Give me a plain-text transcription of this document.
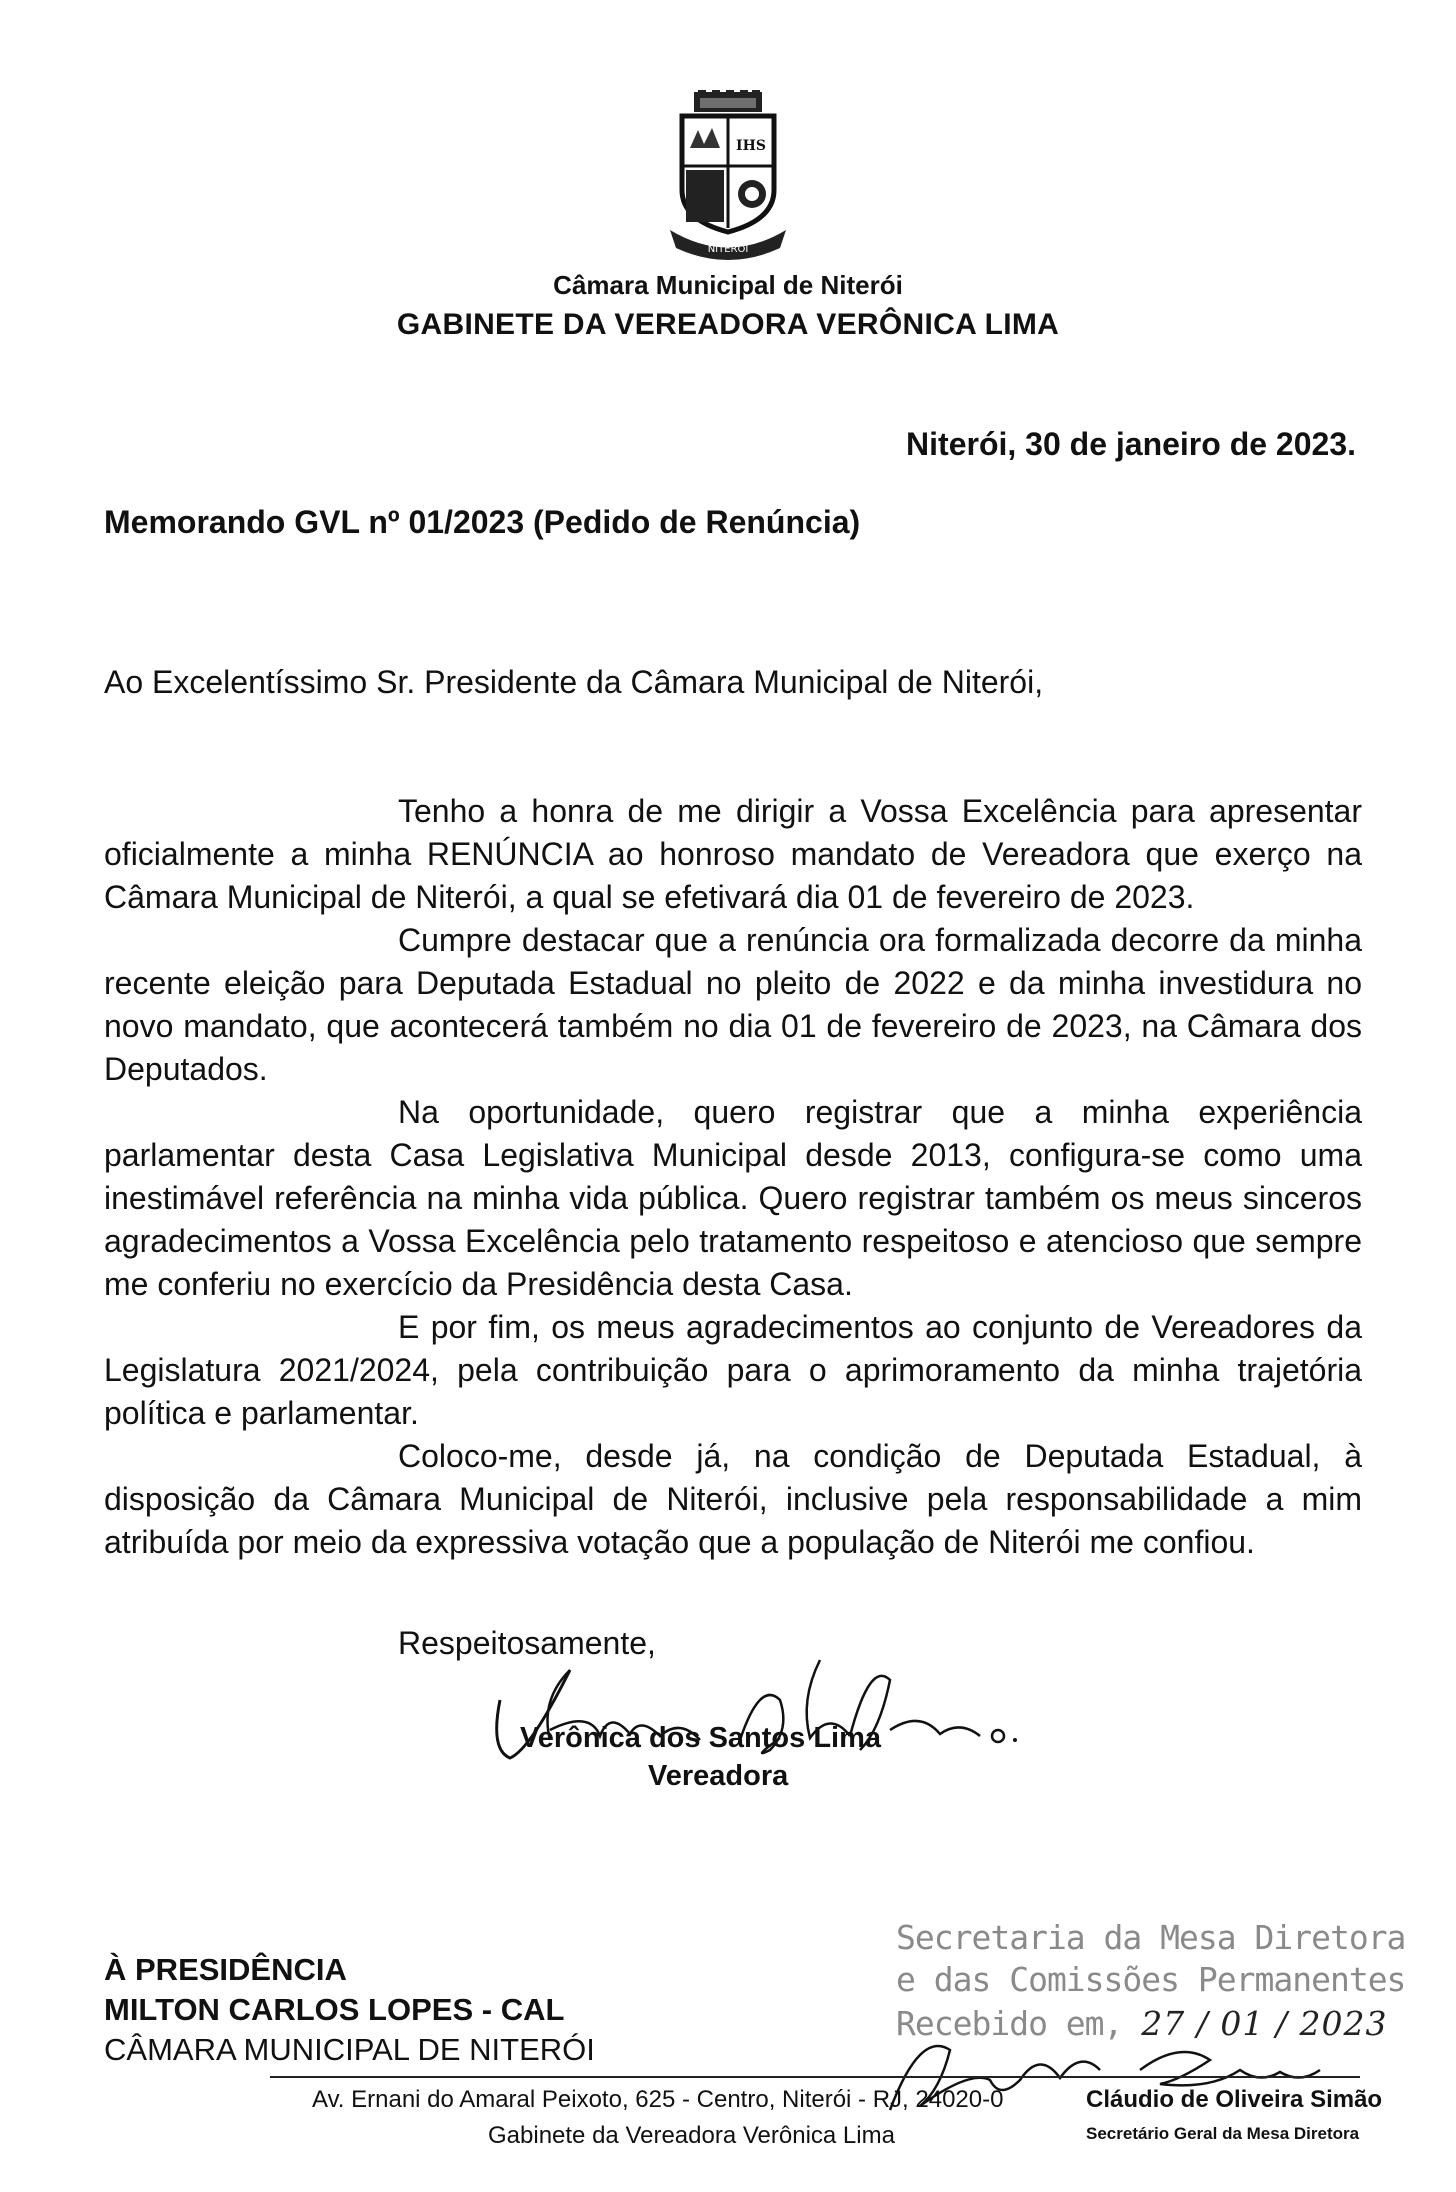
NITERÓI
IHS
Câmara Municipal de Niterói
GABINETE DA VEREADORA VERÔNICA LIMA
Niterói, 30 de janeiro de 2023.
Memorando GVL nº 01/2023 (Pedido de Renúncia)
Ao Excelentíssimo Sr. Presidente da Câmara Municipal de Niterói,

Tenho a honra de me dirigir a Vossa Excelência para apresentar oficialmente a minha RENÚNCIA ao honroso mandato de Vereadora que exerço na Câmara Municipal de Niterói, a qual se efetivará dia 01 de fevereiro de 2023.

Cumpre destacar que a renúncia ora formalizada decorre da minha recente eleição para Deputada Estadual no pleito de 2022 e da minha investidura no novo mandato, que acontecerá também no dia 01 de fevereiro de 2023, na Câmara dos Deputados.

Na oportunidade, quero registrar que a minha experiência parlamentar desta Casa Legislativa Municipal desde 2013, configura-se como uma inestimável referência na minha vida pública. Quero registrar também os meus sinceros agradecimentos a Vossa Excelência pelo tratamento respeitoso e atencioso que sempre me conferiu no exercício da Presidência desta Casa.

E por fim, os meus agradecimentos ao conjunto de Vereadores da Legislatura 2021/2024, pela contribuição para o aprimoramento da minha trajetória política e parlamentar.

Coloco-me, desde já, na condição de Deputada Estadual, à disposição da Câmara Municipal de Niterói, inclusive pela responsabilidade a mim atribuída por meio da expressiva votação que a população de Niterói me confiou.

Respeitosamente,
Verônica dos Santos Lima
Vereadora
À PRESIDÊNCIA
MILTON CARLOS LOPES - CAL
CÂMARA MUNICIPAL DE NITERÓI
Secretaria da Mesa Diretora
e das Comissões Permanentes
Recebido em, 27 / 01 / 2023
Av. Ernani do Amaral Peixoto, 625 - Centro, Niterói - RJ, 24020-0
Gabinete da Vereadora Verônica Lima
Cláudio de Oliveira Simão
Secretário Geral da Mesa Diretora
